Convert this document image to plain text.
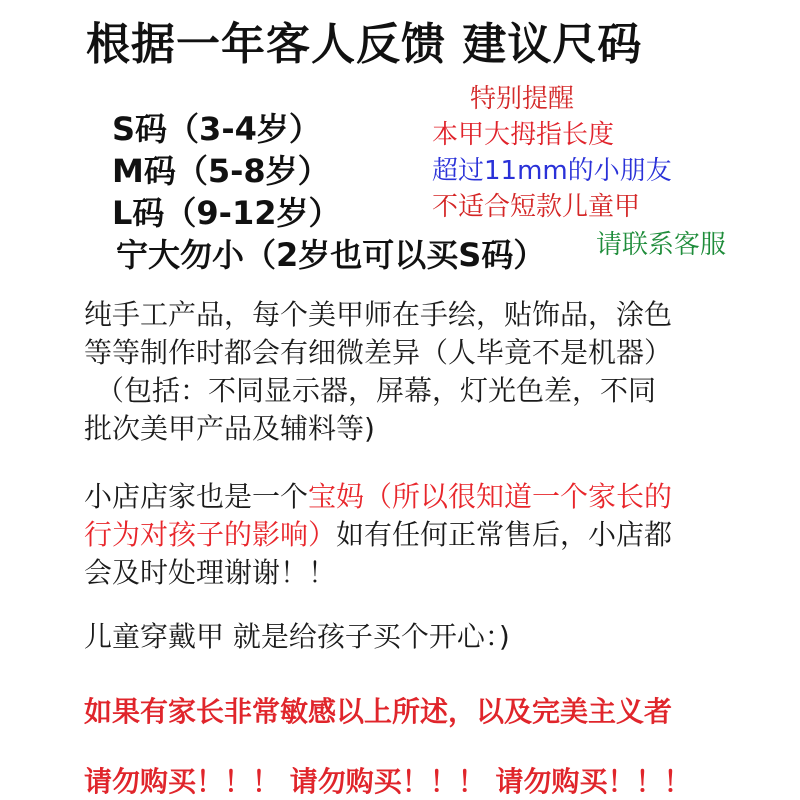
根据一年客人反馈 建议尺码
S码（3-4岁）
M码（5-8岁）
L码（9-12岁）
宁大勿小（2岁也可以买S码）
特别提醒
本甲大拇指长度
超过11mm的小朋友
不适合短款儿童甲
请联系客服
纯手工产品，每个美甲师在手绘，贴饰品，涂色
等等制作时都会有细微差异（人毕竟不是机器）
（包括：不同显示器，屏幕，灯光色差，不同
批次美甲产品及辅料等)
小店店家也是一个宝妈（所以很知道一个家长的
行为对孩子的影响）如有任何正常售后，小店都
会及时处理谢谢！！
儿童穿戴甲 就是给孩子买个开心：)
如果有家长非常敏感以上所述，以及完美主义者
请勿购买！！！ 请勿购买！！！ 请勿购买！！！
